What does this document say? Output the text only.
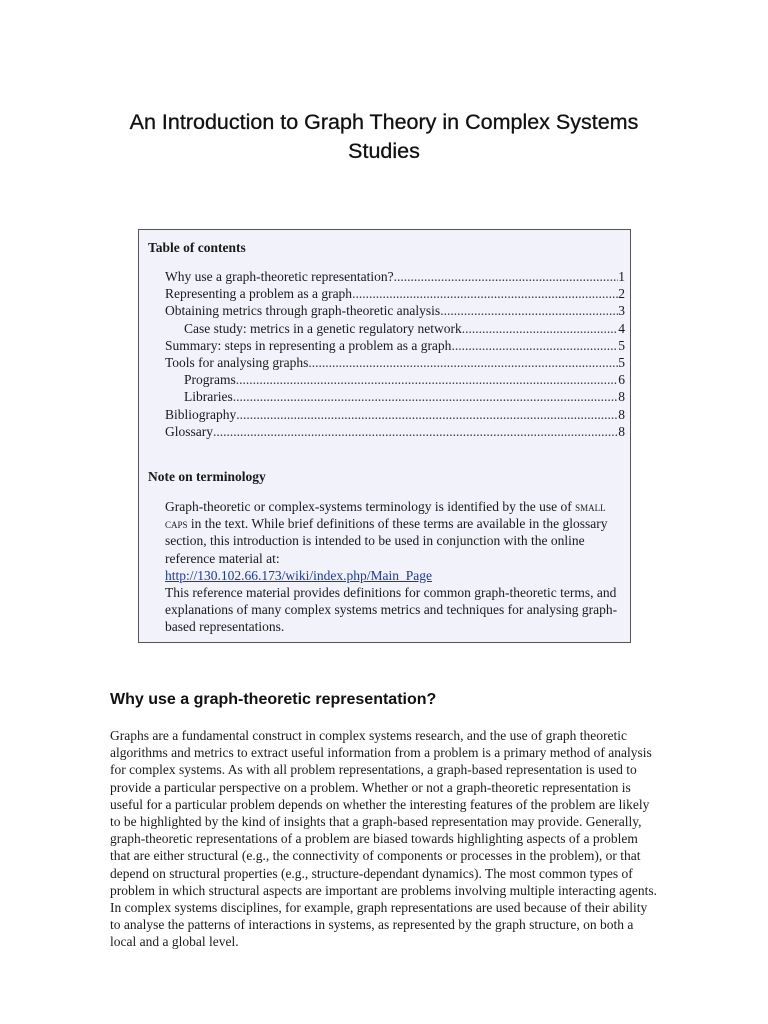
An Introduction to Graph Theory in Complex Systems Studies
Table of contents
Why use a graph-theoretic representation? .....	1
Representing a problem as a graph .....	2
Obtaining metrics through graph-theoretic analysis .....	3
Case study: metrics in a genetic regulatory network .....	4
Summary: steps in representing a problem as a graph .....	5
Tools for analysing graphs .....	5
Programs .....	6
Libraries .....	8
Bibliography .....	8
Glossary .....	8
Note on terminology

Graph-theoretic or complex-systems terminology is identified by the use of small caps in the text. While brief definitions of these terms are available in the glossary section, this introduction is intended to be used in conjunction with the online reference material at:
http://130.102.66.173/wiki/index.php/Main_Page
This reference material provides definitions for common graph-theoretic terms, and explanations of many complex systems metrics and techniques for analysing graph-based representations.

Why use a graph-theoretic representation?

Graphs are a fundamental construct in complex systems research, and the use of graph theoretic algorithms and metrics to extract useful information from a problem is a primary method of analysis for complex systems. As with all problem representations, a graph-based representation is used to provide a particular perspective on a problem. Whether or not a graph-theoretic representation is useful for a particular problem depends on whether the interesting features of the problem are likely to be highlighted by the kind of insights that a graph-based representation may provide. Generally, graph-theoretic representations of a problem are biased towards highlighting aspects of a problem that are either structural (e.g., the connectivity of components or processes in the problem), or that depend on structural properties (e.g., structure-dependant dynamics). The most common types of problem in which structural aspects are important are problems involving multiple interacting agents. In complex systems disciplines, for example, graph representations are used because of their ability to analyse the patterns of interactions in systems, as represented by the graph structure, on both a local and a global level.
